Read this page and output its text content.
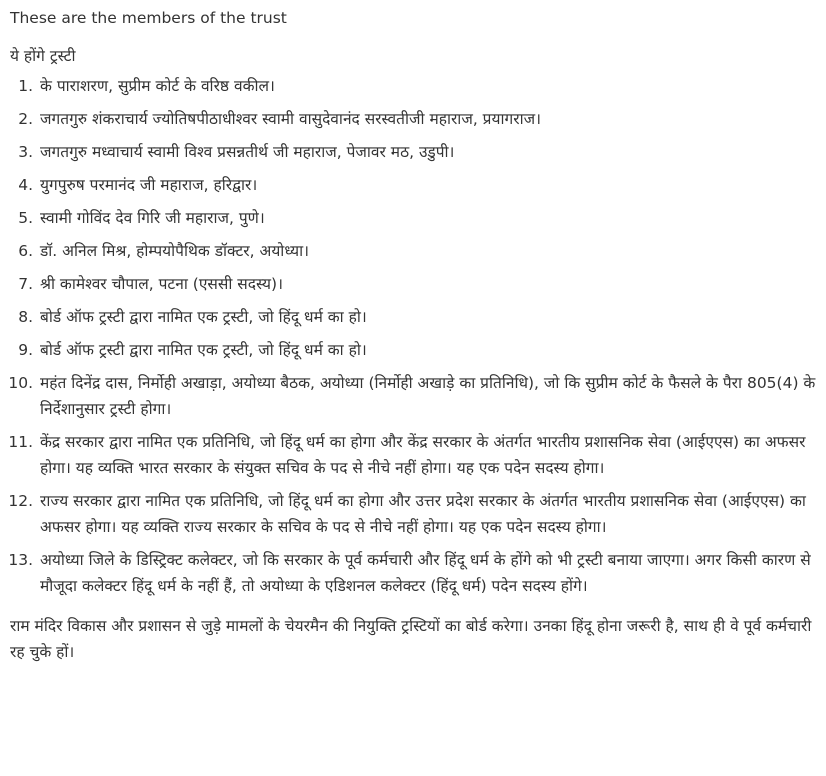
These are the members of the trust

ये होंगे ट्रस्टी

1. के पाराशरण, सुप्रीम कोर्ट के वरिष्ठ वकील।
2. जगतगुरु शंकराचार्य ज्योतिषपीठाधीश्वर स्वामी वासुदेवानंद सरस्वतीजी महाराज, प्रयागराज।
3. जगतगुरु मध्वाचार्य स्वामी विश्व प्रसन्नतीर्थ जी महाराज, पेजावर मठ, उडुपी।
4. युगपुरुष परमानंद जी महाराज, हरिद्वार।
5. स्वामी गोविंद देव गिरि जी महाराज, पुणे।
6. डॉ. अनिल मिश्र, होम्पयोपैथिक डॉक्टर, अयोध्या।
7. श्री कामेश्वर चौपाल, पटना (एससी सदस्य)।
8. बोर्ड ऑफ ट्रस्टी द्वारा नामित एक ट्रस्टी, जो हिंदू धर्म का हो।
9. बोर्ड ऑफ ट्रस्टी द्वारा नामित एक ट्रस्टी, जो हिंदू धर्म का हो।
10. महंत दिनेंद्र दास, निर्मोही अखाड़ा, अयोध्या बैठक, अयोध्या (निर्मोही अखाड़े का प्रतिनिधि), जो कि सुप्रीम कोर्ट के फैसले के पैरा 805(4) के निर्देशानुसार ट्रस्टी होगा।
11. केंद्र सरकार द्वारा नामित एक प्रतिनिधि, जो हिंदू धर्म का होगा और केंद्र सरकार के अंतर्गत भारतीय प्रशासनिक सेवा (आईएएस) का अफसर होगा। यह व्यक्ति भारत सरकार के संयुक्त सचिव के पद से नीचे नहीं होगा। यह एक पदेन सदस्य होगा।
12. राज्य सरकार द्वारा नामित एक प्रतिनिधि, जो हिंदू धर्म का होगा और उत्तर प्रदेश सरकार के अंतर्गत भारतीय प्रशासनिक सेवा (आईएएस) का अफसर होगा। यह व्यक्ति राज्य सरकार के सचिव के पद से नीचे नहीं होगा। यह एक पदेन सदस्य होगा।
13. अयोध्या जिले के डिस्ट्रिक्ट कलेक्टर, जो कि सरकार के पूर्व कर्मचारी और हिंदू धर्म के होंगे को भी ट्रस्टी बनाया जाएगा। अगर किसी कारण से मौजूदा कलेक्टर हिंदू धर्म के नहीं हैं, तो अयोध्या के एडिशनल कलेक्टर (हिंदू धर्म) पदेन सदस्य होंगे।

राम मंदिर विकास और प्रशासन से जुड़े मामलों के चेयरमैन की नियुक्ति ट्रस्टियों का बोर्ड करेगा। उनका हिंदू होना जरूरी है, साथ ही वे पूर्व कर्मचारी रह चुके हों।
